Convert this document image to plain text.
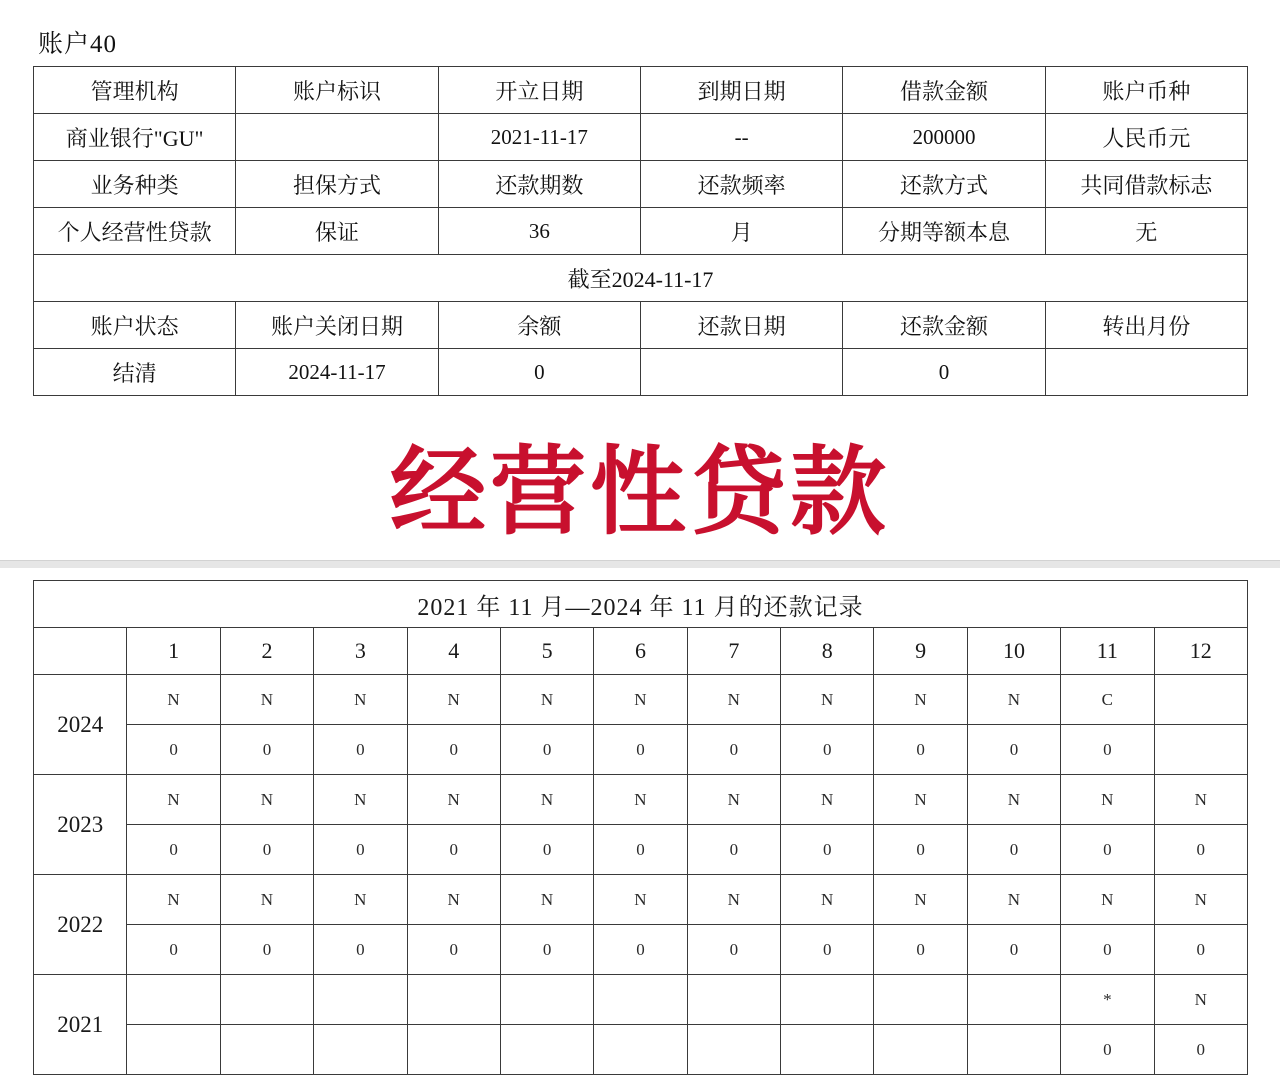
账户40
管理机构	账户标识	开立日期	到期日期	借款金额	账户币种
商业银行"GU"		2021-11-17	--	200000	人民币元
业务种类	担保方式	还款期数	还款频率	还款方式	共同借款标志
个人经营性贷款	保证	36	月	分期等额本息	无
截至2024-11-17					
账户状态	账户关闭日期	余额	还款日期	还款金额	转出月份
结清	2024-11-17	0		0	
经营性贷款
2021 年 11 月—2024 年 11 月的还款记录												
	1	2	3	4	5	6	7	8	9	10	11	12
2024	N	N	N	N	N	N	N	N	N	N	C	
	0	0	0	0	0	0	0	0	0	0	0	
2023	N	N	N	N	N	N	N	N	N	N	N	N
	0	0	0	0	0	0	0	0	0	0	0	0
2022	N	N	N	N	N	N	N	N	N	N	N	N
	0	0	0	0	0	0	0	0	0	0	0	0
2021											*	N
											0	0
